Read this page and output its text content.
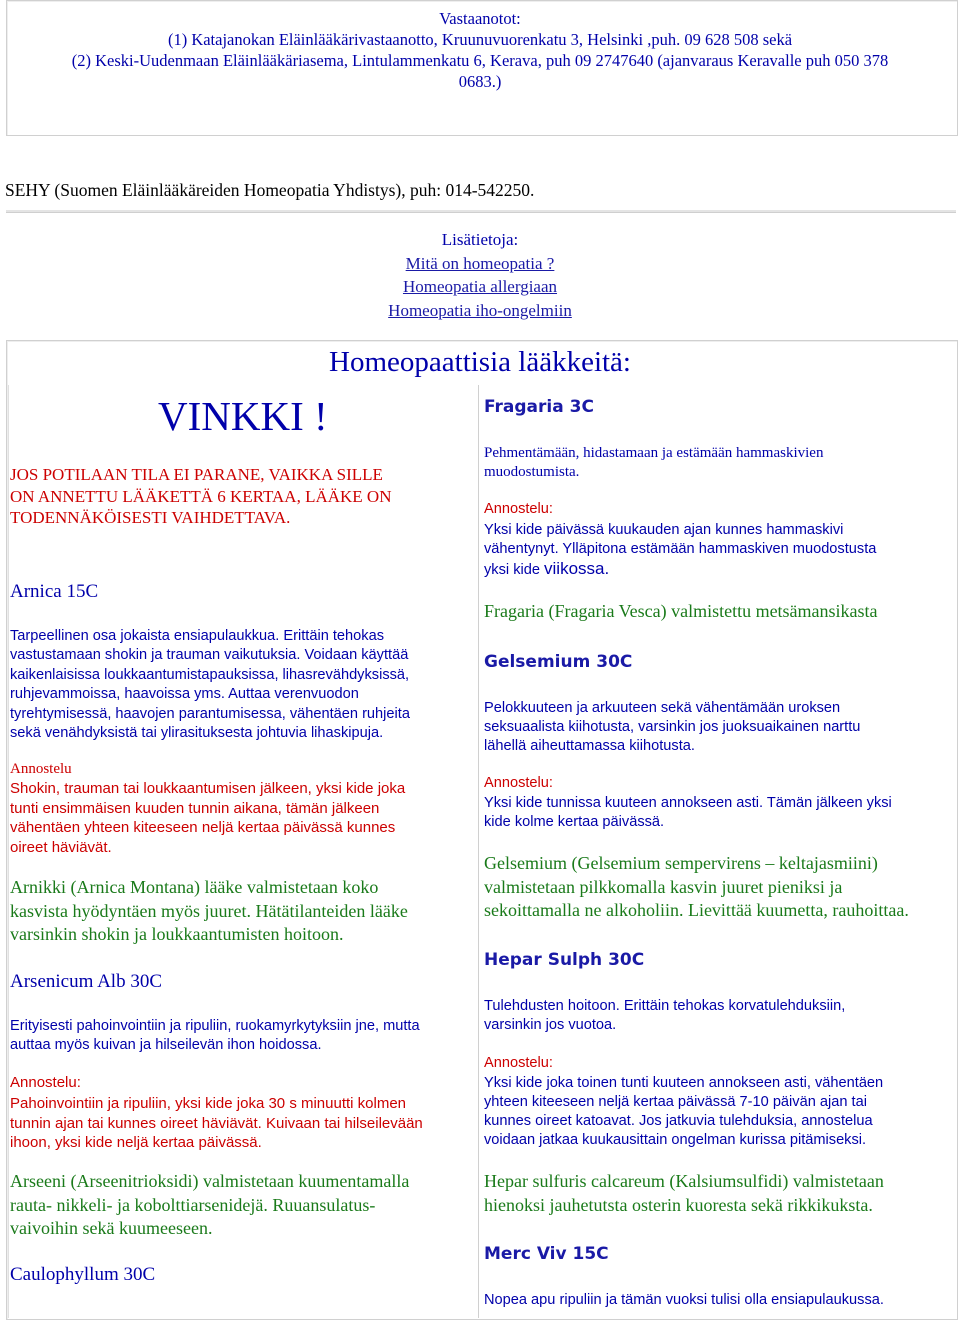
Vastaanotot:
(1) Katajanokan Eläinlääkärivastaanotto, Kruunuvuorenkatu 3, Helsinki ,puh. 09 628 508 sekä
(2) Keski-Uudenmaan Eläinlääkäriasema, Lintulammenkatu 6, Kerava, puh 09 2747640 (ajanvaraus Keravalle puh 050 378
0683.)
SEHY (Suomen Eläinlääkäreiden Homeopatia Yhdistys), puh: 014-542250.
Lisätietoja:
Mitä on homeopatia ?
Homeopatia allergiaan
Homeopatia iho-ongelmiin
Homeopaattisia lääkkeitä:
VINKKI !
JOS POTILAAN TILA EI PARANE, VAIKKA SILLE
ON ANNETTU LÄÄKETTÄ 6 KERTAA, LÄÄKE ON
TODENNÄKÖISESTI VAIHDETTAVA.
Arnica 15C
Tarpeellinen osa jokaista ensiapulaukkua. Erittäin tehokas
vastustamaan shokin ja trauman vaikutuksia. Voidaan käyttää
kaikenlaisissa loukkaantumistapauksissa, lihasrevähdyksissä,
ruhjevammoissa, haavoissa yms. Auttaa verenvuodon
tyrehtymisessä, haavojen parantumisessa, vähentäen ruhjeita
sekä venähdyksistä tai ylirasituksesta johtuvia lihaskipuja.
Annostelu
Shokin, trauman tai loukkaantumisen jälkeen, yksi kide joka
tunti ensimmäisen kuuden tunnin aikana, tämän jälkeen
vähentäen yhteen kiteeseen neljä kertaa päivässä kunnes
oireet häviävät.
Arnikki (Arnica Montana) lääke valmistetaan koko
kasvista hyödyntäen myös juuret. Hätätilanteiden lääke
varsinkin shokin ja loukkaantumisten hoitoon.
Arsenicum Alb 30C
Erityisesti pahoinvointiin ja ripuliin, ruokamyrkytyksiin jne, mutta
auttaa myös kuivan ja hilseilevän ihon hoidossa.
Annostelu:
Pahoinvointiin ja ripuliin, yksi kide joka 30 s minuutti kolmen
tunnin ajan tai kunnes oireet häviävät. Kuivaan tai hilseilevään
ihoon, yksi kide neljä kertaa päivässä.
Arseeni (Arseenitrioksidi) valmistetaan kuumentamalla
rauta- nikkeli- ja kobolttiarsenidejä. Ruuansulatus-
vaivoihin sekä kuumeeseen.
Caulophyllum 30C
Fragaria 3C
Pehmentämään, hidastamaan ja estämään hammaskivien
muodostumista.
Annostelu:
Yksi kide päivässä kuukauden ajan kunnes hammaskivi
vähentynyt. Ylläpitona estämään hammaskiven muodostusta
yksi kide viikossa.
Fragaria (Fragaria Vesca) valmistettu metsämansikasta
Gelsemium 30C
Pelokkuuteen ja arkuuteen sekä vähentämään uroksen
seksuaalista kiihotusta, varsinkin jos juoksuaikainen narttu
lähellä aiheuttamassa kiihotusta.
Annostelu:
Yksi kide tunnissa kuuteen annokseen asti. Tämän jälkeen yksi
kide kolme kertaa päivässä.
Gelsemium (Gelsemium sempervirens – keltajasmiini)
valmistetaan pilkkomalla kasvin juuret pieniksi ja
sekoittamalla ne alkoholiin. Lievittää kuumetta, rauhoittaa.
Hepar Sulph 30C
Tulehdusten hoitoon. Erittäin tehokas korvatulehduksiin,
varsinkin jos vuotoa.
Annostelu:
Yksi kide joka toinen tunti kuuteen annokseen asti, vähentäen
yhteen kiteeseen neljä kertaa päivässä 7-10 päivän ajan tai
kunnes oireet katoavat. Jos jatkuvia tulehduksia, annostelua
voidaan jatkaa kuukausittain ongelman kurissa pitämiseksi.
Hepar sulfuris calcareum (Kalsiumsulfidi) valmistetaan
hienoksi jauhetutsta osterin kuoresta sekä rikkikuksta.
Merc Viv 15C
Nopea apu ripuliin ja tämän vuoksi tulisi olla ensiapulaukussa.
